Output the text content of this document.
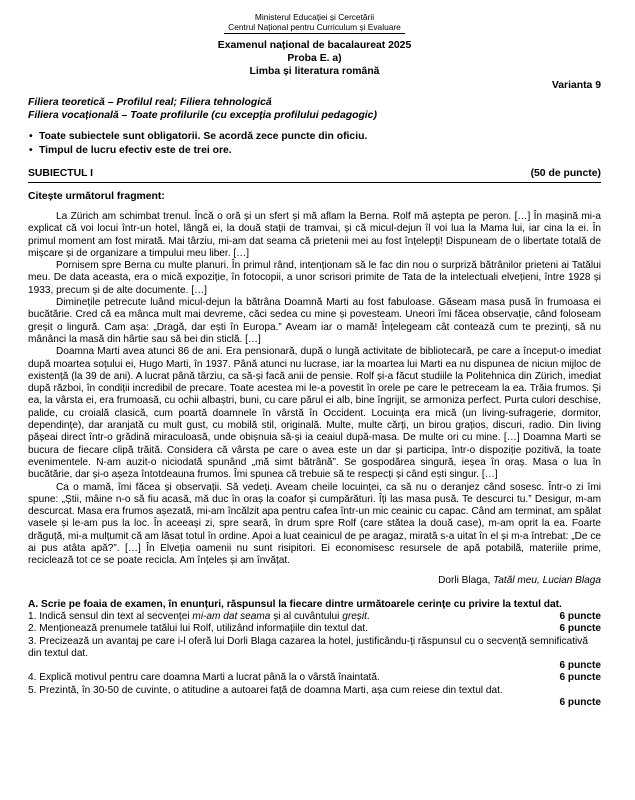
Ministerul Educației și Cercetării
Centrul Național pentru Curriculum și Evaluare
Examenul național de bacalaureat 2025
Proba E. a)
Limba și literatura română
Varianta 9
Filiera teoretică – Profilul real; Filiera tehnologică
Filiera vocațională – Toate profilurile (cu excepția profilului pedagogic)
• Toate subiectele sunt obligatorii. Se acordă zece puncte din oficiu.
• Timpul de lucru efectiv este de trei ore.
SUBIECTUL I	(50 de puncte)
Citește următorul fragment:

La Zürich am schimbat trenul. Încă o oră și un sfert și mă aflam la Berna. Rolf mă aștepta pe peron. […] În mașină mi-a explicat că voi locui într-un hotel, lângă ei, la două stații de tramvai, și că micul-dejun îl voi lua la Mama lui, iar cina la ei. În primul moment am fost mirată. Mai târziu, mi-am dat seama că prietenii mei au fost înțelepți! Dispuneam de o libertate totală de mișcare și de organizare a timpului meu liber. […]

Pornisem spre Berna cu multe planuri. În primul rând, intenționam să le fac din nou o surpriză bătrânilor prieteni ai Tatălui meu. De data aceasta, era o mică expoziție, în fotocopii, a unor scrisori primite de Tata de la intelectuali elvețieni, între 1928 și 1933, precum și de alte documente. […]

Diminețile petrecute luând micul-dejun la bătrâna Doamnă Marti au fost fabuloase. Găseam masa pusă în frumoasa ei bucătărie. Cred că ea mânca mult mai devreme, căci sedea cu mine și povesteam. Uneori îmi făcea observație, când foloseam greșit o lingură. Cam așa: „Dragă, dar ești în Europa.” Aveam iar o mamă! Înțelegeam cât contează cum te prezinți, să nu mânânci la masă din hârtie sau să bei din sticlă. […]

Doamna Marti avea atunci 86 de ani. Era pensionară, după o lungă activitate de bibliotecară, pe care a început-o imediat după moartea soțului ei, Hugo Marti, în 1937. Până atunci nu lucrase, iar la moartea lui Marti ea nu dispunea de niciun mijloc de existență (la 39 de ani). A lucrat până târziu, ca să-și facă anii de pensie. Rolf și-a făcut studiile la Politehnica din Zürich, imediat după război, în condiții incredibil de precare. Toate acestea mi le-a povestit în orele pe care le petreceam la ea. Trăia frumos. Și ea, la vârsta ei, era frumoasă, cu ochii albaștri, buni, cu care părul ei alb, bine îngrijit, se armoniza perfect. Purta culori deschise, palide, cu croială clasică, cum poartă doamnele în vârstă în Occident. Locuința era mică (un living-sufragerie, dormitor, dependințe), dar aranjată cu mult gust, cu mobilă stil, originală. Multe, multe cărți, un birou grațios, discuri, radio. Din living pășeai direct într-o grădină miraculoasă, unde obișnuia să-și ia ceaiul după-masa. De multe ori cu mine. […] Doamna Marti se bucura de fiecare clipă trăită. Considera că vârsta pe care o avea este un dar și participa, într-o dispoziție pozitivă, la toate evenimentele. N-am auzit-o niciodată spunând „mă simt bătrână”. Se gospodărea singură, ieșea în oraș. Masa o lua în bucătărie, dar și-o așeza întotdeauna frumos. Îmi spunea că trebuie să te respecți și când ești singur. […]

Ca o mamă, îmi făcea și observații. Să vedeți. Aveam cheile locuinței, ca să nu o deranjez când sosesc. Într-o zi îmi spune: „Știi, mâine n-o să fiu acasă, mă duc în oraș la coafor și cumpărături. Îți las masa pusă. Te descurci tu.” Desigur, m-am descurcat. Masa era frumos așezată, mi-am încălzit apa pentru cafea într-un mic ceainic cu capac. Când am terminat, am spălat vasele și le-am pus la loc. În aceeași zi, spre seară, în drum spre Rolf (care stătea la două case), m-am oprit la ea. Foarte drăguță, mi-a mulțumit că am lăsat totul în ordine. Apoi a luat ceainicul de pe aragaz, mirată s-a uitat în el și m-a întrebat: „De ce ai pus atâta apă?”. […] În Elveția oamenii nu sunt risipitori. Ei economisesc resursele de apă potabilă, materiile prime, reciclează tot ce se poate recicla. Am înțeles și am învățat.

Dorli Blaga, Tatăl meu, Lucian Blaga
A. Scrie pe foaia de examen, în enunțuri, răspunsul la fiecare dintre următoarele cerințe cu privire la textul dat.
1. Indică sensul din text al secvenței mi-am dat seama și al cuvântului greșit.	6 puncte
2. Menționează prenumele tatălui lui Rolf, utilizând informațiile din textul dat.	6 puncte
3. Precizează un avantaj pe care i-l oferă lui Dorli Blaga cazarea la hotel, justificându-ți răspunsul cu o secvență semnificativă din textul dat.
6 puncte
4. Explică motivul pentru care doamna Marti a lucrat până la o vârstă înaintată.	6 puncte
5. Prezintă, în 30-50 de cuvinte, o atitudine a autoarei față de doamna Marti, așa cum reiese din textul dat.
6 puncte
